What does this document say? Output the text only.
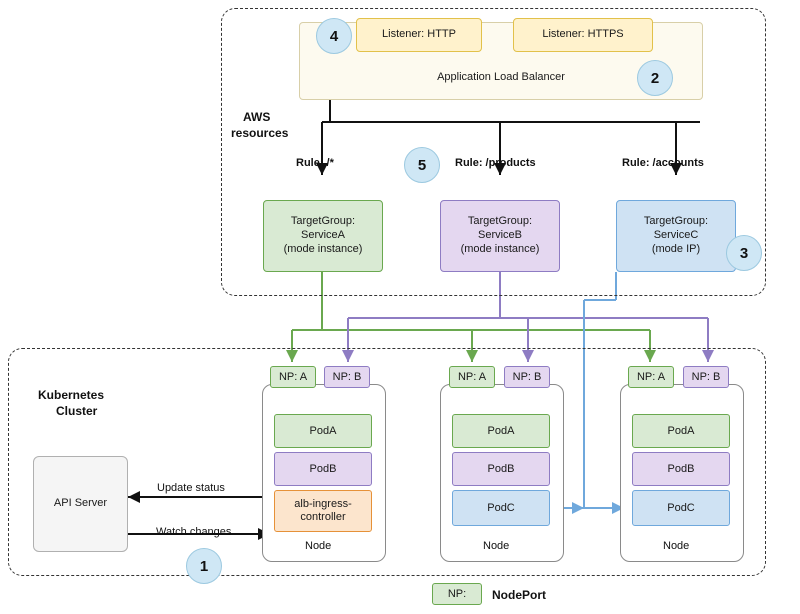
AWS
resources
Kubernetes
Cluster
Application Load Balancer
Listener: HTTP	Listener: HTTPS
Rule: /*	Rule: /products	Rule: /accounts
TargetGroup:
ServiceA
(mode instance)
TargetGroup:
ServiceB
(mode instance)
TargetGroup:
ServiceC
(mode IP)
NP: A NP: B
PodA
PodB
alb-ingress-
controller
Node
NP: A NP: B
PodA
PodB
PodC
Node
NP: A NP: B
PodA
PodB
PodC
Node
API Server
Update status
Watch changes
1
2
3
4
5
NP: NodePort
